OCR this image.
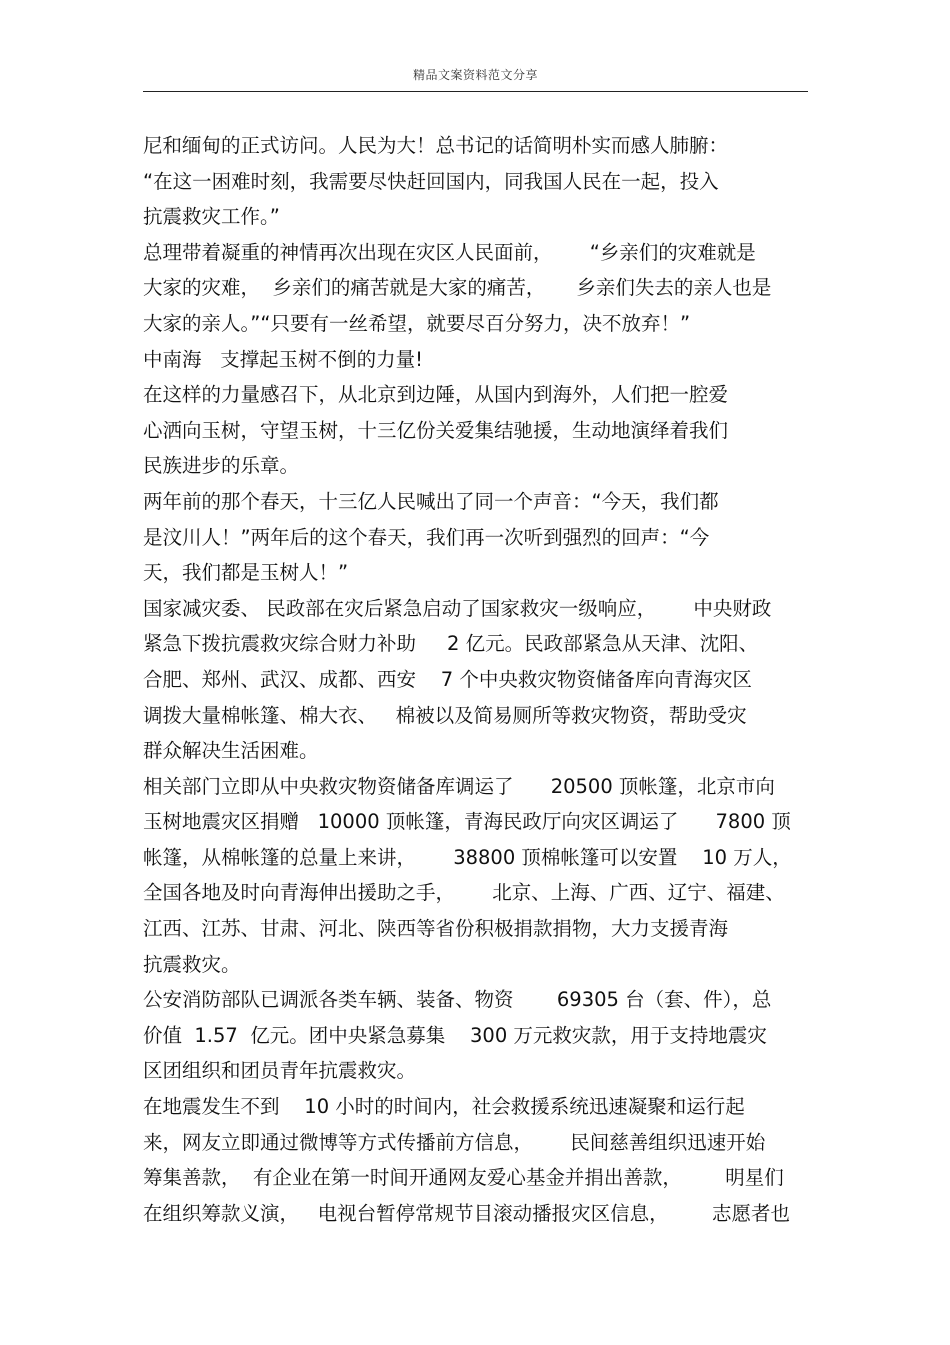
精品文案资料范文分享
尼和缅甸的正式访问。人民为大！总书记的话简明朴实而感人肺腑：
“在这一困难时刻，我需要尽快赶回国内，同我国人民在一起，投入
抗震救灾工作。”
总理带着凝重的神情再次出现在灾区人民面前，      “乡亲们的灾难就是
大家的灾难，  乡亲们的痛苦就是大家的痛苦，     乡亲们失去的亲人也是
大家的亲人。”“只要有一丝希望，就要尽百分努力，决不放弃！”
中南海   支撑起玉树不倒的力量!
在这样的力量感召下，从北京到边陲，从国内到海外，人们把一腔爱
心洒向玉树，守望玉树，十三亿份关爱集结驰援，生动地演绎着我们
民族进步的乐章。
两年前的那个春天，十三亿人民喊出了同一个声音：“今天，我们都
是汶川人！”两年后的这个春天，我们再一次听到强烈的回声：“今
天，我们都是玉树人！”
国家减灾委、 民政部在灾后紧急启动了国家救灾一级响应，      中央财政
紧急下拨抗震救灾综合财力补助     2 亿元。民政部紧急从天津、沈阳、
合肥、郑州、武汉、成都、西安    7 个中央救灾物资储备库向青海灾区
调拨大量棉帐篷、棉大衣、   棉被以及简易厕所等救灾物资，帮助受灾
群众解决生活困难。
相关部门立即从中央救灾物资储备库调运了      20500 顶帐篷，北京市向
玉树地震灾区捐赠   10000 顶帐篷，青海民政厅向灾区调运了      7800 顶
帐篷，从棉帐篷的总量上来讲，      38800 顶棉帐篷可以安置    10 万人，
全国各地及时向青海伸出援助之手，      北京、上海、广西、辽宁、福建、
江西、江苏、甘肃、河北、陕西等省份积极捐款捐物，大力支援青海
抗震救灾。
公安消防部队已调派各类车辆、装备、物资       69305 台（套、件），总
价值  1.57  亿元。团中央紧急募集    300 万元救灾款，用于支持地震灾
区团组织和团员青年抗震救灾。
在地震发生不到    10 小时的时间内，社会救援系统迅速凝聚和运行起
来，网友立即通过微博等方式传播前方信息，      民间慈善组织迅速开始
筹集善款，  有企业在第一时间开通网友爱心基金并捐出善款，       明星们
在组织筹款义演，   电视台暂停常规节目滚动播报灾区信息，       志愿者也
